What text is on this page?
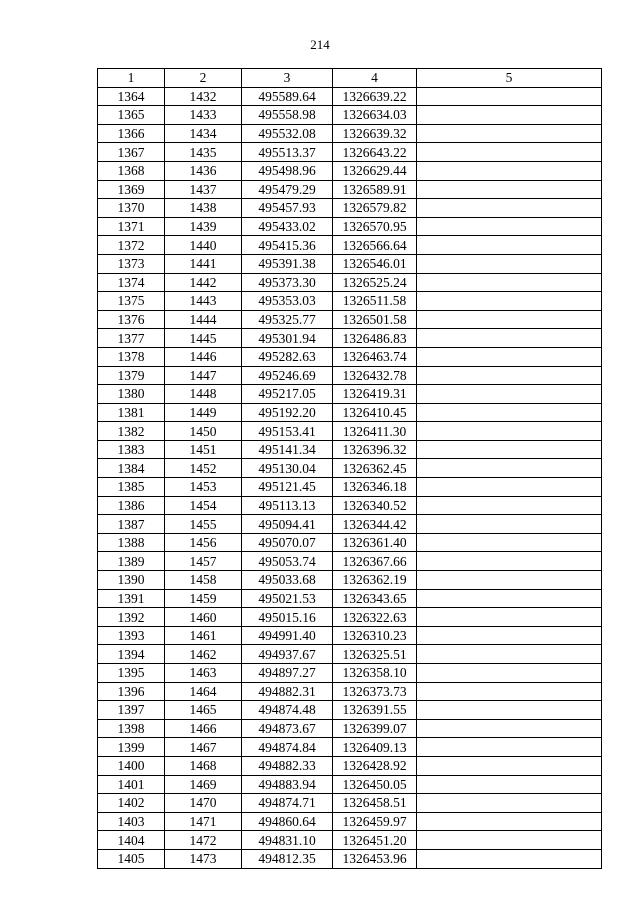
214
1	2	3	4	5
1364	1432	495589.64	1326639.22	
1365	1433	495558.98	1326634.03	
1366	1434	495532.08	1326639.32	
1367	1435	495513.37	1326643.22	
1368	1436	495498.96	1326629.44	
1369	1437	495479.29	1326589.91	
1370	1438	495457.93	1326579.82	
1371	1439	495433.02	1326570.95	
1372	1440	495415.36	1326566.64	
1373	1441	495391.38	1326546.01	
1374	1442	495373.30	1326525.24	
1375	1443	495353.03	1326511.58	
1376	1444	495325.77	1326501.58	
1377	1445	495301.94	1326486.83	
1378	1446	495282.63	1326463.74	
1379	1447	495246.69	1326432.78	
1380	1448	495217.05	1326419.31	
1381	1449	495192.20	1326410.45	
1382	1450	495153.41	1326411.30	
1383	1451	495141.34	1326396.32	
1384	1452	495130.04	1326362.45	
1385	1453	495121.45	1326346.18	
1386	1454	495113.13	1326340.52	
1387	1455	495094.41	1326344.42	
1388	1456	495070.07	1326361.40	
1389	1457	495053.74	1326367.66	
1390	1458	495033.68	1326362.19	
1391	1459	495021.53	1326343.65	
1392	1460	495015.16	1326322.63	
1393	1461	494991.40	1326310.23	
1394	1462	494937.67	1326325.51	
1395	1463	494897.27	1326358.10	
1396	1464	494882.31	1326373.73	
1397	1465	494874.48	1326391.55	
1398	1466	494873.67	1326399.07	
1399	1467	494874.84	1326409.13	
1400	1468	494882.33	1326428.92	
1401	1469	494883.94	1326450.05	
1402	1470	494874.71	1326458.51	
1403	1471	494860.64	1326459.97	
1404	1472	494831.10	1326451.20	
1405	1473	494812.35	1326453.96	
